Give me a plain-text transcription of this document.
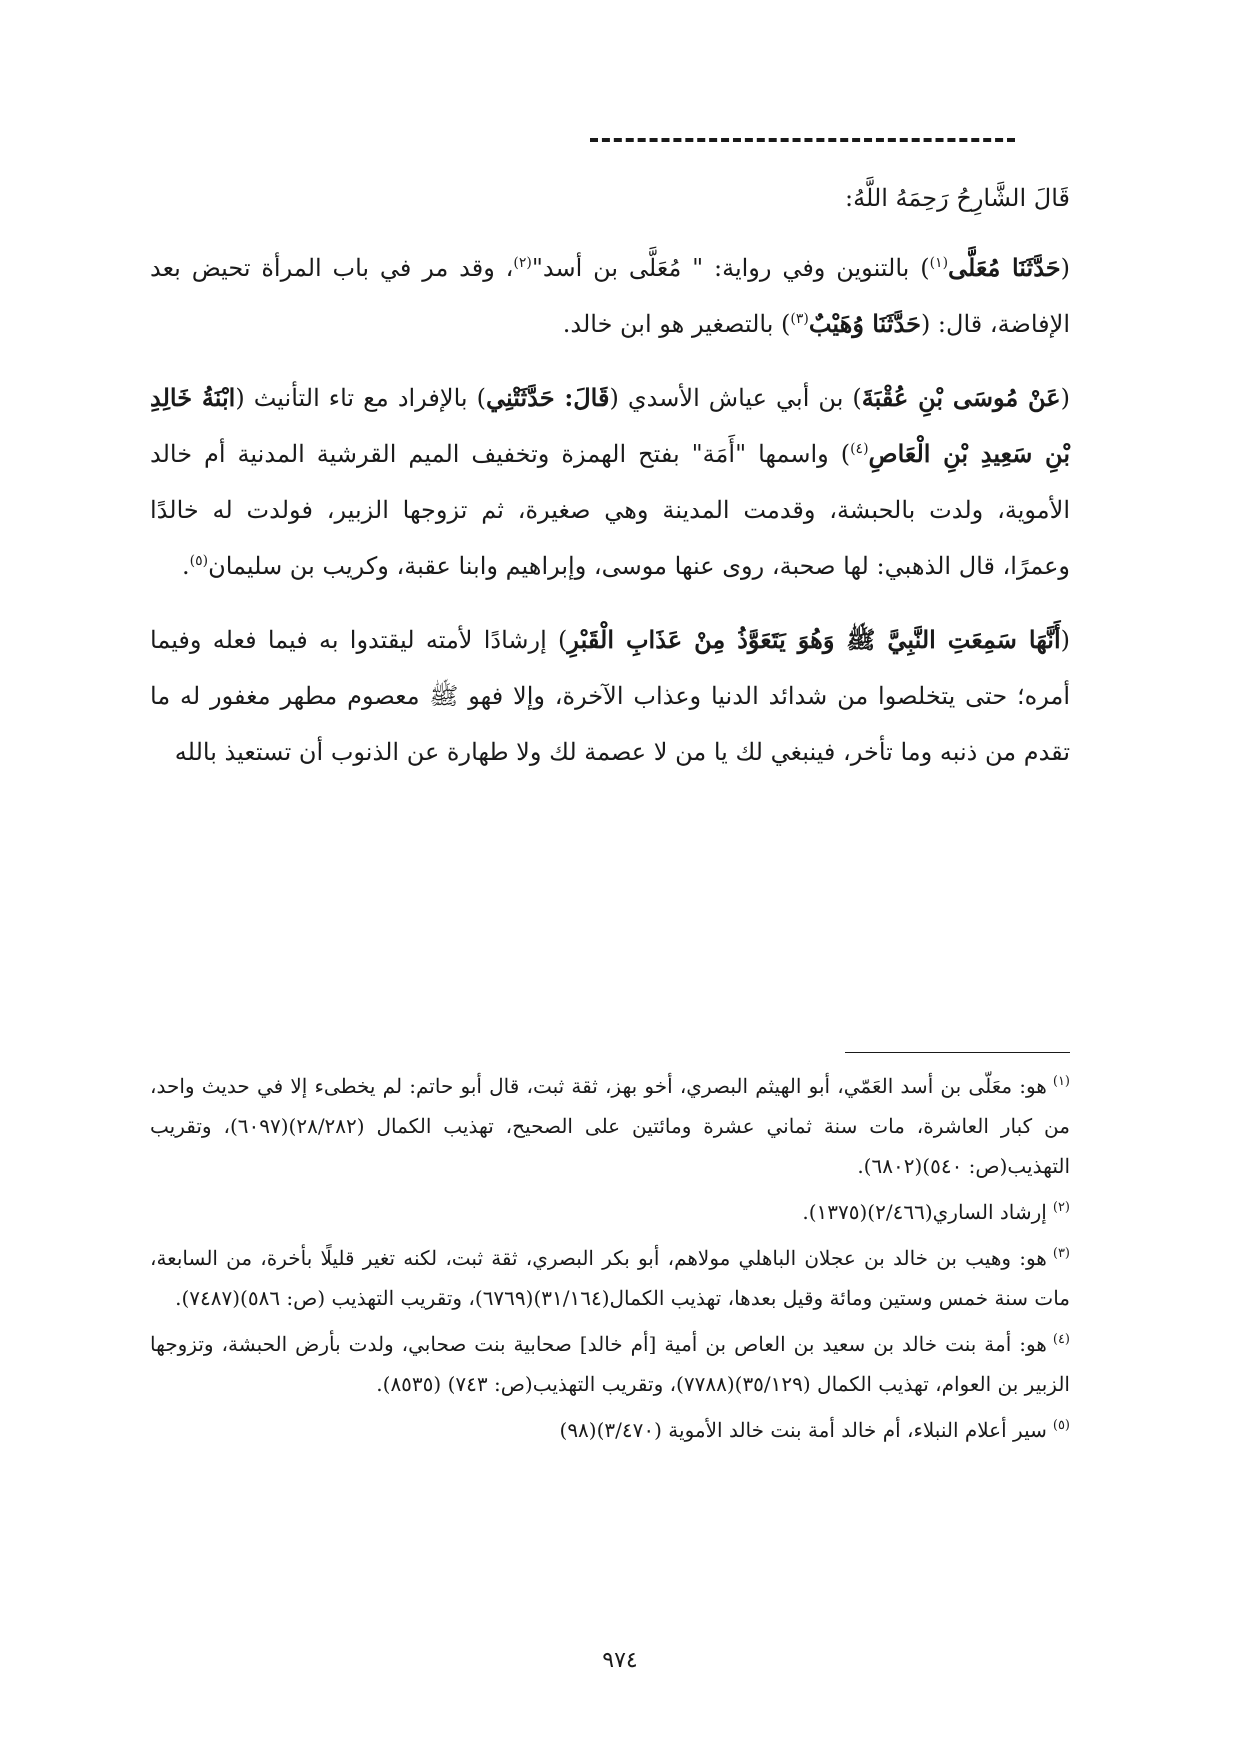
قَالَ الشَّارِحُ رَحِمَهُ اللَّهُ:

(حَدَّثَنَا مُعَلَّى$^{(١)}$) بالتنوين وفي رواية: " مُعَلَّى بن أسد"$^{(٢)}$، وقد مر في باب المرأة تحيض بعد الإفاضة، قال: (حَدَّثَنَا وُهَيْبٌ$^{(٣)}$) بالتصغير هو ابن خالد.

(عَنْ مُوسَى بْنِ عُقْبَةَ) بن أبي عياش الأسدي (قَالَ: حَدَّثَتْنِي) بالإفراد مع تاء التأنيث (ابْنَةُ خَالِدِ بْنِ سَعِيدِ بْنِ الْعَاصِ$^{(٤)}$) واسمها "أَمَة" بفتح الهمزة وتخفيف الميم القرشية المدنية أم خالد الأموية، ولدت بالحبشة، وقدمت المدينة وهي صغيرة، ثم تزوجها الزبير، فولدت له خالدًا وعمرًا، قال الذهبي: لها صحبة، روى عنها موسى، وإبراهيم وابنا عقبة، وكريب بن سليمان$^{(٥)}$.

(أَنَّهَا سَمِعَتِ النَّبِيَّ ﷺ وَهُوَ يَتَعَوَّذُ مِنْ عَذَابِ الْقَبْرِ) إرشادًا لأمته ليقتدوا به فيما فعله وفيما أمره؛ حتى يتخلصوا من شدائد الدنيا وعذاب الآخرة، وإلا فهو ﷺ معصوم مطهر مغفور له ما تقدم من ذنبه وما تأخر، فينبغي لك يا من لا عصمة لك ولا طهارة عن الذنوب أن تستعيذ بالله

$^{(١)}$هو: معَلّى بن أسد العَمّي، أبو الهيثم البصري، أخو بهز، ثقة ثبت، قال أبو حاتم: لم يخطىء إلا في حديث واحد، من كبار العاشرة، مات سنة ثماني عشرة ومائتين على الصحيح، تهذيب الكمال (٢٨/٢٨٢)(٦٠٩٧)، وتقريب التهذيب(ص: ٥٤٠)(٦٨٠٢).

$^{(٢)}$إرشاد الساري(٢/٤٦٦)(١٣٧٥).

$^{(٣)}$هو: وهيب بن خالد بن عجلان الباهلي مولاهم، أبو بكر البصري، ثقة ثبت، لكنه تغير قليلًا بأخرة، من السابعة، مات سنة خمس وستين ومائة وقيل بعدها، تهذيب الكمال(٣١/١٦٤)(٦٧٦٩)، وتقريب التهذيب (ص: ٥٨٦)(٧٤٨٧).

$^{(٤)}$هو: أمة بنت خالد بن سعيد بن العاص بن أمية [أم خالد] صحابية بنت صحابي، ولدت بأرض الحبشة، وتزوجها الزبير بن العوام، تهذيب الكمال (٣٥/١٢٩)(٧٧٨٨)، وتقريب التهذيب(ص: ٧٤٣) (٨٥٣٥).

$^{(٥)}$سير أعلام النبلاء، أم خالد أمة بنت خالد الأموية (٣/٤٧٠)(٩٨)

٩٧٤
